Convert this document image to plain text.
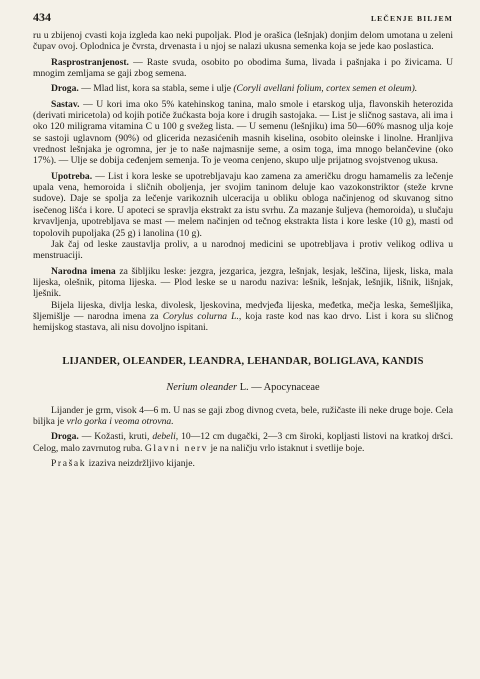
434	LEČENJE BILJEM

ru u zbijenoj cvasti koja izgleda kao neki pupoljak. Plod je orašica (lešnjak) donjim delom umotana u zeleni čupav ovoj. Oplodnica je čvrsta, drvenasta i u njoj se nalazi ukusna semenka koja se jede kao poslastica.

Rasprostranjenost. — Raste svuda, osobito po obodima šuma, livada i pašnjaka i po živicama. U mnogim zemljama se gaji zbog semena.

Droga. — Mlad list, kora sa stabla, seme i ulje (Coryli avellani folium, cortex semen et oleum).

Sastav. — U kori ima oko 5% katehinskog tanina, malo smole i etarskog ulja, flavonskih heterozida (derivati miricetola) od kojih potiče žućkasta boja kore i drugih sastojaka. — List je sličnog sastava, ali ima i oko 120 miligrama vitamina C u 100 g svežeg lista. — U semenu (lešnjiku) ima 50—60% masnog ulja koje se sastoji uglavnom (90%) od glicerida nezasićenih masnih kiselina, osobito oleinske i linolne. Hranljiva vrednost lešnjaka je ogromna, jer je to naše najmasnije seme, a osim toga, ima mnogo belančevine (oko 17%). — Ulje se dobija ceđenjem semenja. To je veoma cenjeno, skupo ulje prijatnog svojstvenog ukusa.

Upotreba. — List i kora leske se upotrebljavaju kao zamena za američku drogu hamamelis za lečenje upala vena, hemoroida i sličnih oboljenja, jer svojim taninom deluje kao vazokonstriktor (steže krvne sudove). Daje se spolja za lečenje varikoznih ulceracija u obliku obloga načinjenog od skuvanog sitno isečenog lišća i kore. U apoteci se spravlja ekstrakt za istu svrhu. Za mazanje šuljeva (hemoroida), u slučaju krvavljenja, upotrebljava se mast — melem načinjen od tečnog ekstrakta lista i kore leske (10 g), masti od topolovih pupoljaka (25 g) i lanolina (10 g).

Jak čaj od leske zaustavlja proliv, a u narodnoj medicini se upotrebljava i protiv velikog odliva u menstruaciji.

Narodna imena za šibljiku leske: jezgra, jezgarica, jezgra, lešnjak, lesjak, leščina, lijesk, liska, mala lijeska, olešnik, pitoma lijeska. — Plod leske se u narodu naziva: lešnik, lešnjak, lešnjik, lišnik, lišnjak, lješnik.

Bijela lijeska, divlja leska, divolesk, ljeskovina, medvjeđa lijeska, međetka, mečja leska, šemešljika, šljemišlje — narodna imena za Corylus colurna L., koja raste kod nas kao drvo. List i kora su sličnog hemijskog stastava, ali nisu dovoljno ispitani.

LIJANDER, OLEANDER, LEANDRA, LEHANDAR, BOLIGLAVA, KANDIS
Nerium oleander L. — Apocynaceae

Lijander je grm, visok 4—6 m. U nas se gaji zbog divnog cveta, bele, ružičaste ili neke druge boje. Cela biljka je vrlo gorka i veoma otrovna.

Droga. — Kožasti, kruti, debeli, 10—12 cm dugački, 2—3 cm široki, kopljasti listovi na kratkoj dršci. Celog, malo zavrnutog ruba. Glavni nerv je na naličju vrlo istaknut i svetlije boje.

Prašak izaziva neizdržljivo kijanje.
